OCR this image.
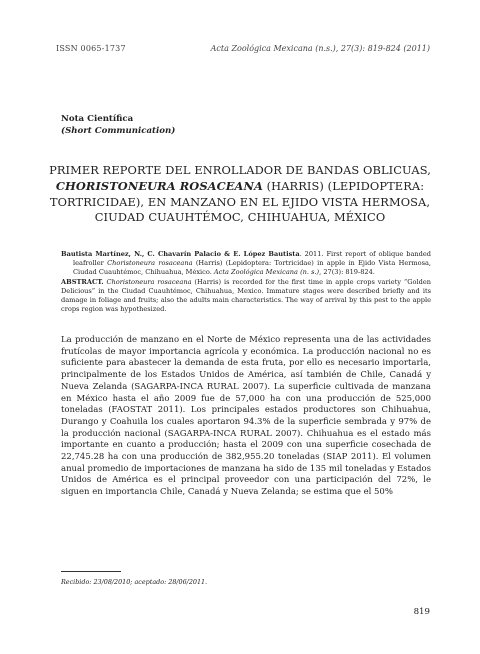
ISSN 0065-1737	Acta Zoológica Mexicana (n.s.), 27(3): 819-824 (2011)
Nota Científica
(Short Communication)
PRIMER REPORTE DEL ENROLLADOR DE BANDAS OBLICUAS, CHORISTONEURA ROSACEANA (HARRIS) (LEPIDOPTERA: TORTRICIDAE), EN MANZANO EN EL EJIDO VISTA HERMOSA, CIUDAD CUAUHTÉMOC, CHIHUAHUA, MÉXICO

Bautista Martínez, N., C. Chavarín Palacio & E. López Bautista. 2011. First report of oblique banded leafroller Choristoneura rosaceana (Harris) (Lepidoptera: Tortricidae) in apple in Ejido Vista Hermosa, Ciudad Cuauhtémoc, Chihuahua, México. Acta Zoológica Mexicana (n. s.), 27(3): 819-824.

ABSTRACT. Choristoneura rosaceana (Harris) is recorded for the first time in apple crops variety “Golden Delicious” in the Ciudad Cuauhtémoc, Chihuahua, Mexico. Immature stages were described briefly and its damage in foliage and fruits; also the adults main characteristics. The way of arrival by this pest to the apple crops region was hypothesized.

La producción de manzano en el Norte de México representa una de las actividades frutícolas de mayor importancia agrícola y económica. La producción nacional no es suficiente para abastecer la demanda de esta fruta, por ello es necesario importarla, principalmente de los Estados Unidos de América, así también de Chile, Canadá y Nueva Zelanda (SAGARPA-INCA RURAL 2007). La superficie cultivada de manzana en México hasta el año 2009 fue de 57,000 ha con una producción de 525,000 toneladas (FAOSTAT 2011). Los principales estados productores son Chihuahua, Durango y Coahuila los cuales aportaron 94.3% de la superficie sembrada y 97% de la producción nacional (SAGARPA-INCA RURAL 2007). Chihuahua es el estado más importante en cuanto a producción; hasta el 2009 con una superficie cosechada de 22,745.28 ha con una producción de 382,955.20 toneladas (SIAP 2011). El volumen anual promedio de importaciones de manzana ha sido de 135 mil toneladas y Estados Unidos de América es el principal proveedor con una participación del 72%, le siguen en importancia Chile, Canadá y Nueva Zelanda; se estima que el 50%

Recibido: 23/08/2010; aceptado: 28/06/2011.
819
